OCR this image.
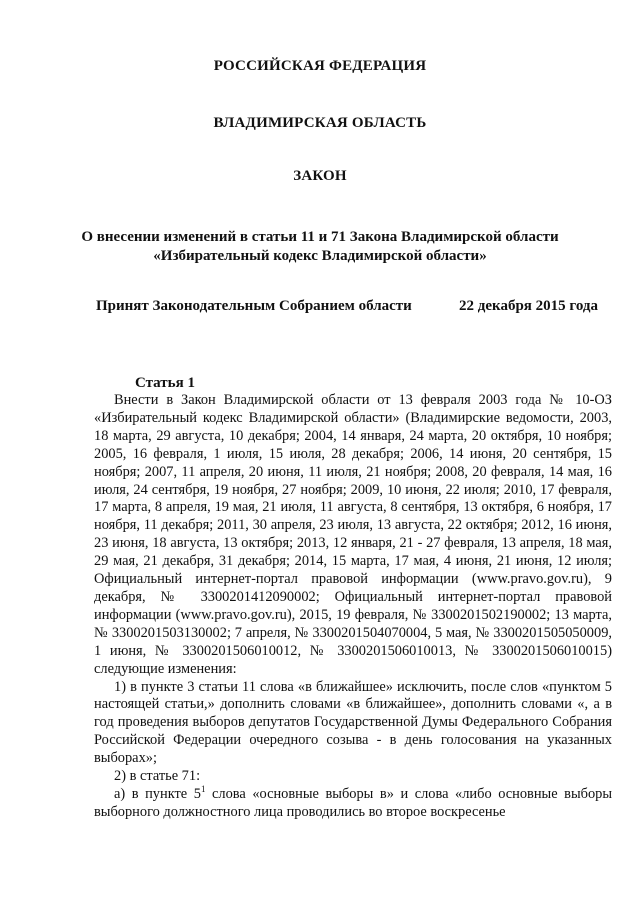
РОССИЙСКАЯ ФЕДЕРАЦИЯ
ВЛАДИМИРСКАЯ ОБЛАСТЬ
ЗАКОН
О внесении изменений в статьи 11 и 71 Закона Владимирской области «Избирательный кодекс Владимирской области»
Принят Законодательным Собранием области	22 декабря 2015 года
Статья 1

Внести в Закон Владимирской области от 13 февраля 2003 года № 10-ОЗ «Избирательный кодекс Владимирской области» (Владимирские ведомости, 2003, 18 марта, 29 августа, 10 декабря; 2004, 14 января, 24 марта, 20 октября, 10 ноября; 2005, 16 февраля, 1 июля, 15 июля, 28 декабря; 2006, 14 июня, 20 сентября, 15 ноября; 2007, 11 апреля, 20 июня, 11 июля, 21 ноября; 2008, 20 февраля, 14 мая, 16 июля, 24 сентября, 19 ноября, 27 ноября; 2009, 10 июня, 22 июля; 2010, 17 февраля, 17 марта, 8 апреля, 19 мая, 21 июля, 11 августа, 8 сентября, 13 октября, 6 ноября, 17 ноября, 11 декабря; 2011, 30 апреля, 23 июля, 13 августа, 22 октября; 2012, 16 июня, 23 июня, 18 августа, 13 октября; 2013, 12 января, 21 - 27 февраля, 13 апреля, 18 мая, 29 мая, 21 декабря, 31 декабря; 2014, 15 марта, 17 мая, 4 июня, 21 июня, 12 июля; Официальный интернет-портал правовой информации (www.pravo.gov.ru), 9 декабря, № 3300201412090002; Официальный интернет-портал правовой информации (www.pravo.gov.ru), 2015, 19 февраля, № 3300201502190002; 13 марта, № 3300201503130002; 7 апреля, № 3300201504070004, 5 мая, № 3300201505050009, 1 июня, № 3300201506010012, № 3300201506010013, № 3300201506010015) следующие изменения:

1) в пункте 3 статьи 11 слова «в ближайшее» исключить, после слов «пунктом 5 настоящей статьи,» дополнить словами «в ближайшее», дополнить словами «, а в год проведения выборов депутатов Государственной Думы Федерального Собрания Российской Федерации очередного созыва - в день голосования на указанных выборах»;

2) в статье 71:

а) в пункте $5^1$ слова «основные выборы в» и слова «либо основные выборы выборного должностного лица проводились во второе воскресенье
